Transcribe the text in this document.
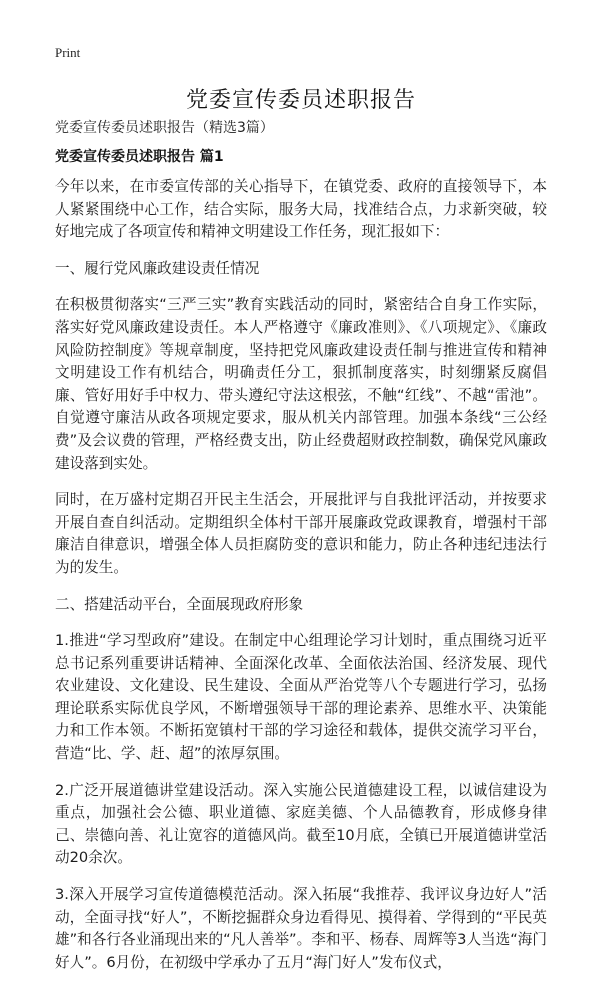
Print
党委宣传委员述职报告

党委宣传委员述职报告（精选3篇）

党委宣传委员述职报告 篇1

今年以来，在市委宣传部的关心指导下，在镇党委、政府的直接领导下，本人紧紧围绕中心工作，结合实际，服务大局，找准结合点，力求新突破，较好地完成了各项宣传和精神文明建设工作任务，现汇报如下：

一、履行党风廉政建设责任情况

在积极贯彻落实“三严三实”教育实践活动的同时，紧密结合自身工作实际，落实好党风廉政建设责任。本人严格遵守《廉政准则》、《八项规定》、《廉政风险防控制度》等规章制度，坚持把党风廉政建设责任制与推进宣传和精神文明建设工作有机结合，明确责任分工，狠抓制度落实，时刻绷紧反腐倡廉、管好用好手中权力、带头遵纪守法这根弦，不触“红线”、不越“雷池”。自觉遵守廉洁从政各项规定要求，服从机关内部管理。加强本条线“三公经费”及会议费的管理，严格经费支出，防止经费超财政控制数，确保党风廉政建设落到实处。

同时，在万盛村定期召开民主生活会，开展批评与自我批评活动，并按要求开展自查自纠活动。定期组织全体村干部开展廉政党政课教育，增强村干部廉洁自律意识，增强全体人员拒腐防变的意识和能力，防止各种违纪违法行为的发生。

二、搭建活动平台，全面展现政府形象

1.推进“学习型政府”建设。在制定中心组理论学习计划时，重点围绕习近平总书记系列重要讲话精神、全面深化改革、全面依法治国、经济发展、现代农业建设、文化建设、民生建设、全面从严治党等八个专题进行学习，弘扬理论联系实际优良学风，不断增强领导干部的理论素养、思维水平、决策能力和工作本领。不断拓宽镇村干部的学习途径和载体，提供交流学习平台，营造“比、学、赶、超”的浓厚氛围。

2.广泛开展道德讲堂建设活动。深入实施公民道德建设工程，以诚信建设为重点，加强社会公德、职业道德、家庭美德、个人品德教育，形成修身律己、崇德向善、礼让宽容的道德风尚。截至10月底，全镇已开展道德讲堂活动20余次。

3.深入开展学习宣传道德模范活动。深入拓展“我推荐、我评议身边好人”活动，全面寻找“好人”，不断挖掘群众身边看得见、摸得着、学得到的“平民英雄”和各行各业涌现出来的“凡人善举”。李和平、杨春、周辉等3人当选“海门好人”。6月份，在初级中学承办了五月“海门好人”发布仪式，
